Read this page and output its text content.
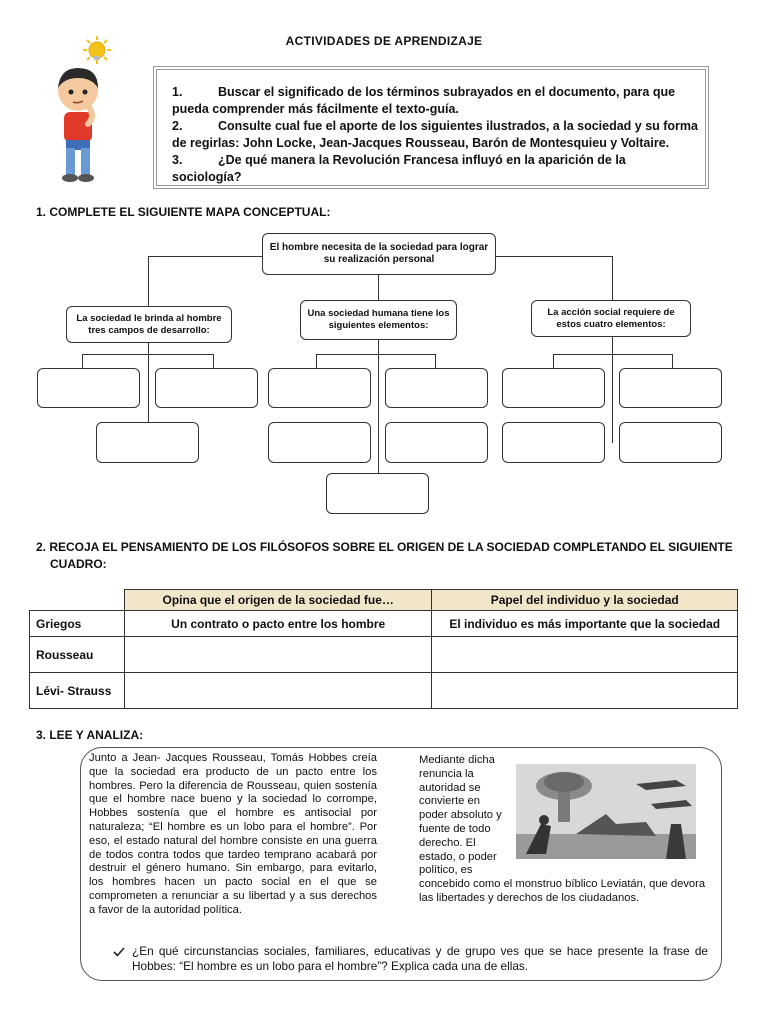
ACTIVIDADES DE APRENDIZAJE
1.	Buscar el significado de los términos subrayados en el documento, para que pueda comprender más fácilmente el texto-guía.
2.	Consulte cual fue el aporte de los siguientes ilustrados, a la sociedad y su forma de regirlas: John Locke, Jean-Jacques Rousseau, Barón de Montesquieu y Voltaire.
3.	¿De qué manera la Revolución Francesa influyó en la aparición de la sociología?
1. COMPLETE EL SIGUIENTE MAPA CONCEPTUAL:
El hombre necesita de la sociedad para lograr su realización personal
La sociedad le brinda al hombre tres campos de desarrollo:
Una sociedad humana tiene los siguientes elementos:
La acción social requiere de estos cuatro elementos:
2. RECOJA EL PENSAMIENTO DE LOS FILÓSOFOS SOBRE EL ORIGEN DE LA SOCIEDAD COMPLETANDO EL SIGUIENTE
CUADRO:
	Opina que el origen de la sociedad fue…	Papel del individuo y la sociedad
Griegos	Un contrato o pacto entre los hombre	El individuo es más importante que la sociedad
Rousseau		
Lévi- Strauss		
3. LEE Y ANALIZA:
Junto a Jean- Jacques Rousseau, Tomás Hobbes creía que la sociedad era producto de un pacto entre los hombres. Pero la diferencia de Rousseau, quien sostenía que el hombre nace bueno y la sociedad lo corrompe, Hobbes sostenía que el hombre es antisocial por naturaleza; “El hombre es un lobo para el hombre”. Por eso, el estado natural del hombre consiste en una guerra de todos contra todos que tardeo temprano acabará por destruir el género humano. Sin embargo, para evitarlo, los hombres hacen un pacto social en el que se comprometen a renunciar a su libertad y a sus derechos a favor de la autoridad política.
Mediante dicha renuncia la autoridad se convierte en poder absoluto y fuente de todo derecho. El estado, o poder político, es
concebido como el monstruo bíblico Leviatán, que devora las libertades y derechos de los ciudadanos.
¿En qué circunstancias sociales, familiares, educativas y de grupo ves que se hace presente la frase de Hobbes: “El hombre es un lobo para el hombre”? Explica cada una de ellas.
